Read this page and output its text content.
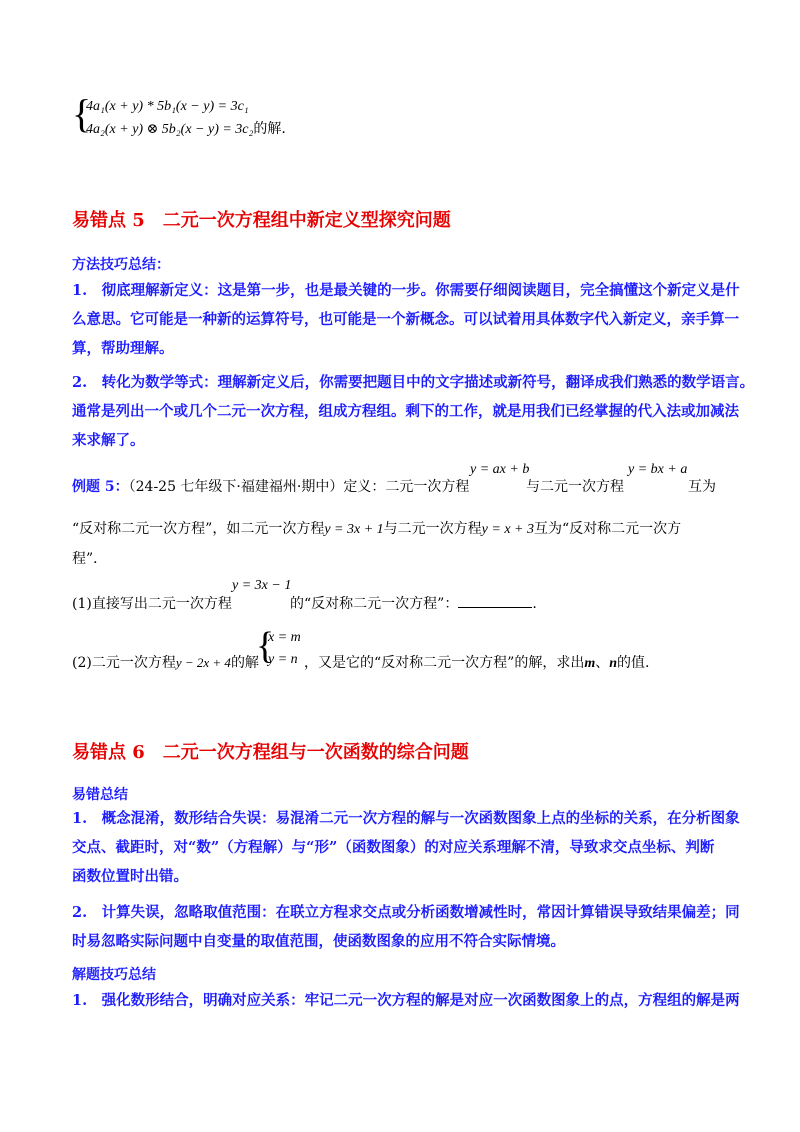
{
4a₁(x + y) * 5b₁(x − y) = 3c₁
4a₂(x + y) ⊗ 5b₂(x − y) = 3c₂的解.
易错点 5　二元一次方程组中新定义型探究问题
方法技巧总结：
1.　彻底理解新定义：这是第一步，也是最关键的一步。你需要仔细阅读题目，完全搞懂这个新定义是什
么意思。它可能是一种新的运算符号，也可能是一个新概念。可以试着用具体数字代入新定义，亲手算一
算，帮助理解。
2.　转化为数学等式：理解新定义后，你需要把题目中的文字描述或新符号，翻译成我们熟悉的数学语言。
通常是列出一个或几个二元一次方程，组成方程组。剩下的工作，就是用我们已经掌握的代入法或加减法
来求解了。
例题 5：（24-25 七年级下·福建福州·期中）定义：二元一次方程
y = ax + b
与二元一次方程
y = bx + a
互为
“反对称二元一次方程”，如二元一次方程y = 3x + 1与二元一次方程y = x + 3互为“反对称二元一次方
程”．
(1)直接写出二元一次方程
y = 3x − 1
的“反对称二元一次方程”：	.
(2)二元一次方程y − 2x + 4的解
{
x = m
y = n ，又是它的“反对称二元一次方程”的解，求出m、n的值.
易错点 6　二元一次方程组与一次函数的综合问题
易错总结
1.　概念混淆，数形结合失误：易混淆二元一次方程的解与一次函数图象上点的坐标的关系，在分析图象
交点、截距时，对“数”（方程解）与“形”（函数图象）的对应关系理解不清，导致求交点坐标、判断
函数位置时出错。
2.　计算失误，忽略取值范围：在联立方程求交点或分析函数增减性时，常因计算错误导致结果偏差；同
时易忽略实际问题中自变量的取值范围，使函数图象的应用不符合实际情境。
解题技巧总结
1.　强化数形结合，明确对应关系：牢记二元一次方程的解是对应一次函数图象上的点，方程组的解是两
